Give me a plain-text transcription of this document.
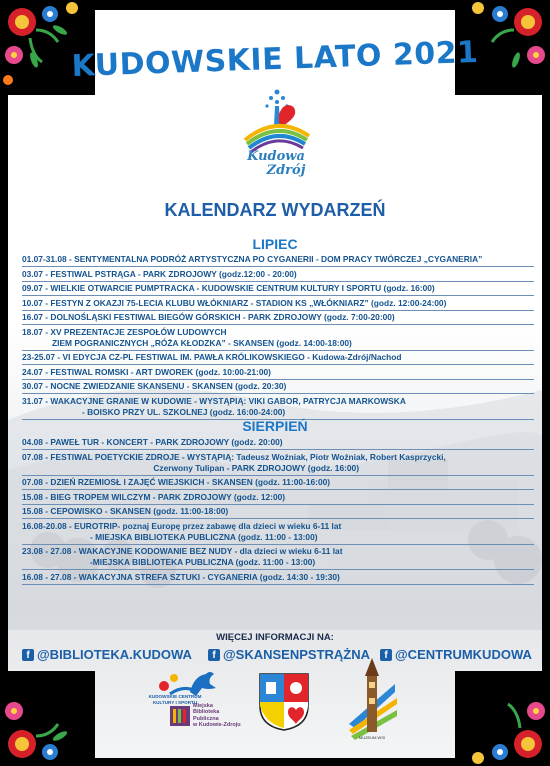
KUDOWSKIE LATO 2021
Kudowa
Zdrój
KALENDARZ WYDARZEŃ
LIPIEC
01.07-31.08 - SENTYMENTALNA PODRÓŻ ARTYSTYCZNA PO CYGANERII - DOM PRACY TWÓRCZEJ „CYGANERIA”
03.07 - FESTIWAL PSTRĄGA - PARK ZDROJOWY (godz.12:00 - 20:00)
09.07 - WIELKIE OTWARCIE PUMPTRACKA - KUDOWSKIE CENTRUM KULTURY I SPORTU (godz. 16:00)
10.07 - FESTYN Z OKAZJI 75-LECIA KLUBU WŁÓKNIARZ - STADION KS „WŁÓKNIARZ” (godz. 12:00-24:00)
16.07 - DOLNOŚLĄSKI FESTIWAL BIEGÓW GÓRSKICH - PARK ZDROJOWY (godz. 7:00-20:00)
18.07 - XV PREZENTACJE ZESPOŁÓW LUDOWYCH
ZIEM POGRANICZNYCH „RÓŻA KŁODZKA” - SKANSEN (godz. 14:00-18:00)
23-25.07 - VI EDYCJA CZ-PL FESTIWAL IM. PAWŁA KRÓLIKOWSKIEGO - Kudowa-Zdrój/Nachod
24.07 - FESTIWAL ROMSKI - ART DWOREK (godz. 10:00-21:00)
30.07 - NOCNE ZWIEDZANIE SKANSENU - SKANSEN (godz. 20:30)
31.07 - WAKACYJNE GRANIE W KUDOWIE - WYSTĄPIĄ: VIKI GABOR, PATRYCJA MARKOWSKA
- BOISKO PRZY UL. SZKOLNEJ (godz. 16:00-24:00)
SIERPIEŃ
04.08 - PAWEŁ TUR - KONCERT - PARK ZDROJOWY (godz. 20:00)
07.08 - FESTIWAL POETYCKIE ZDROJE - WYSTĄPIĄ: Tadeusz Woźniak, Piotr Woźniak, Robert Kasprzycki,
Czerwony Tulipan - PARK ZDROJOWY (godz. 16:00)
07.08 - DZIEŃ RZEMIOSŁ I ZAJĘĆ WIEJSKICH - SKANSEN (godz. 11:00-16:00)
15.08 - BIEG TROPEM WILCZYM - PARK ZDROJOWY (godz. 12:00)
15.08 - CEPOWISKO - SKANSEN (godz. 11:00-18:00)
16.08-20.08 - EUROTRIP- poznaj Europę przez zabawę dla dzieci w wieku 6-11 lat
- MIEJSKA BIBLIOTEKA PUBLICZNA (godz. 11:00 - 13:00)
23.08 - 27.08 - WAKACYJNE KODOWANIE BEZ NUDY - dla dzieci w wieku 6-11 lat
-MIEJSKA BIBLIOTEKA PUBLICZNA (godz. 11:00 - 13:00)
16.08 - 27.08 - WAKACYJNA STREFA SZTUKI - CYGANERIA (godz. 14:30 - 19:30)
WIĘCEJ INFORMACJI NA:
f @BIBLIOTEKA.KUDOWA	f @SKANSENPSTRĄŻNA	f @CENTRUMKUDOWA
KUDOWSKIE CENTRUM KULTURY I SPORTU
Miejska
Biblioteka
Publiczna
w Kudowie-Zdroju
MUZEUM WSI
